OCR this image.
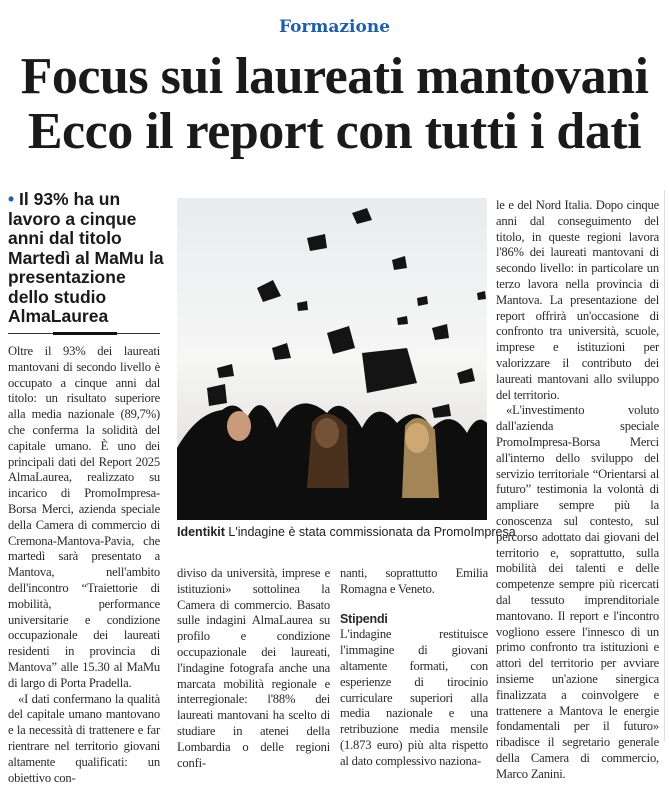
Formazione
Focus sui laureati mantovani
Ecco il report con tutti i dati
• Il 93% ha un lavoro a cinque anni dal titolo Martedì al MaMu la presentazione dello studio AlmaLaurea

Oltre il 93% dei laureati mantovani di secondo livello è occupato a cinque anni dal titolo: un risultato superiore alla media nazionale (89,7%) che conferma la solidità del capitale umano. È uno dei principali dati del Report 2025 AlmaLaurea, realizzato su incarico di PromoImpresa-Borsa Merci, azienda speciale della Camera di commercio di Cremona-Mantova-Pavia, che martedì sarà presentato a Mantova, nell'ambito dell'incontro “Traiettorie di mobilità, performance universitarie e condizione occupazionale dei laureati residenti in provincia di Mantova” alle 15.30 al MaMu di largo di Porta Pradella.

«I dati confermano la qualità del capitale umano mantovano e la necessità di trattenere e far rientrare nel territorio giovani altamente qualificati: un obiettivo con-

Identikit L'indagine è stata commissionata da PromoImpresa

diviso da università, imprese e istituzioni» sottolinea la Camera di commercio. Basato sulle indagini AlmaLaurea su profilo e condizione occupazionale dei laureati, l'indagine fotografa anche una marcata mobilità regionale e interregionale: l'88% dei laureati mantovani ha scelto di studiare in atenei della Lombardia o delle regioni confi-

nanti, soprattutto Emilia Romagna e Veneto.

Stipendi

L'indagine restituisce l'immagine di giovani altamente formati, con esperienze di tirocinio curriculare superiori alla media nazionale e una retribuzione media mensile (1.873 euro) più alta rispetto al dato complessivo naziona-

le e del Nord Italia. Dopo cinque anni dal conseguimento del titolo, in queste regioni lavora l'86% dei laureati mantovani di secondo livello: in particolare un terzo lavora nella provincia di Mantova. La presentazione del report offrirà un'occasione di confronto tra università, scuole, imprese e istituzioni per valorizzare il contributo dei laureati mantovani allo sviluppo del territorio.

«L'investimento voluto dall'azienda speciale PromoImpresa-Borsa Merci all'interno dello sviluppo del servizio territoriale “Orientarsi al futuro” testimonia la volontà di ampliare sempre più la conoscenza sul contesto, sul percorso adottato dai giovani del territorio e, soprattutto, sulla mobilità dei talenti e delle competenze sempre più ricercati dal tessuto imprenditoriale mantovano. Il report e l'incontro vogliono essere l'innesco di un primo confronto tra istituzioni e attori del territorio per avviare insieme un'azione sinergica finalizzata a coinvolgere e trattenere a Mantova le energie fondamentali per il futuro» ribadisce il segretario generale della Camera di commercio, Marco Zanini.
